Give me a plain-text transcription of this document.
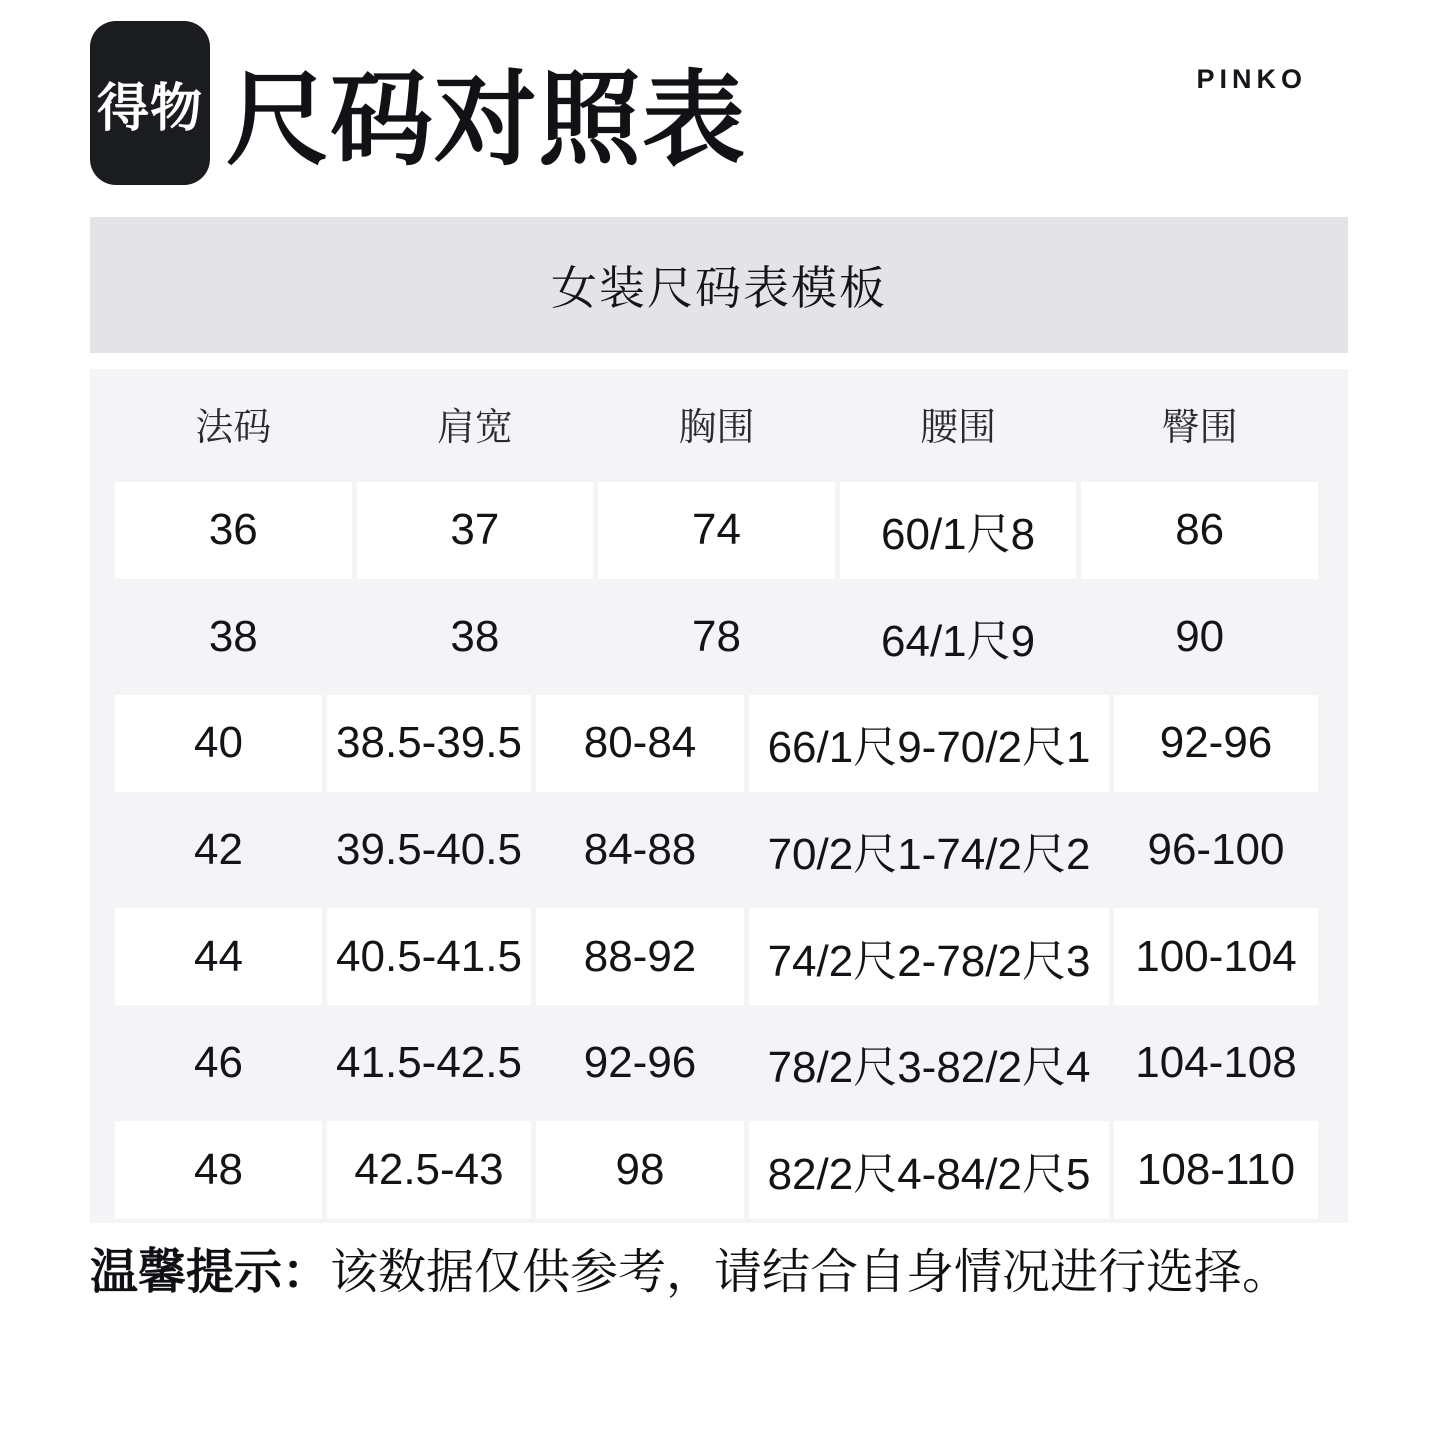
得物 尺码对照表	PINKO
女装尺码表模板
法码	肩宽	胸围	腰围	臀围
36	37	74	60/1尺8	86
38	38	78	64/1尺9	90
40	38.5-39.5	80-84	66/1尺9-70/2尺1	92-96
42	39.5-40.5	84-88	70/2尺1-74/2尺2	96-100
44	40.5-41.5	88-92	74/2尺2-78/2尺3	100-104
46	41.5-42.5	92-96	78/2尺3-82/2尺4	104-108
48	42.5-43	98	82/2尺4-84/2尺5	108-110
温馨提示：该数据仅供参考，请结合自身情况进行选择。
